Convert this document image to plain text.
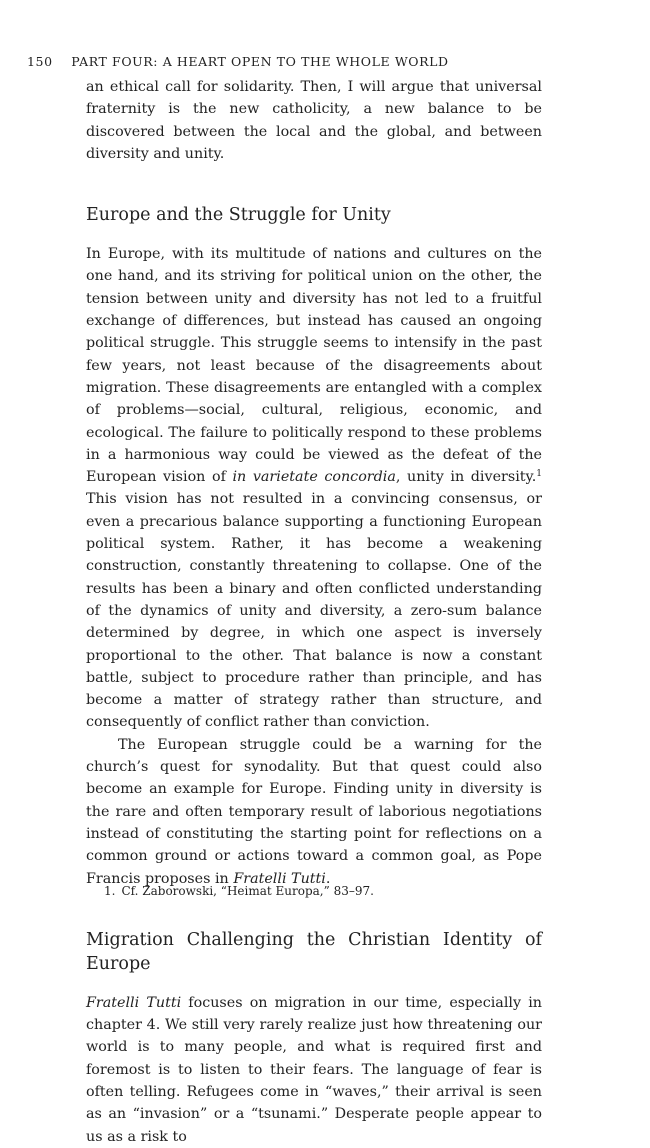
150 PART FOUR: A HEART OPEN TO THE WHOLE WORLD

an ethical call for solidarity. Then, I will argue that universal fraternity is the new catholicity, a new balance to be discovered between the local and the global, and between diversity and unity.

Europe and the Struggle for Unity

In Europe, with its multitude of nations and cultures on the one hand, and its striving for political union on the other, the tension between unity and diversity has not led to a fruitful exchange of differences, but instead has caused an ongoing political struggle. This struggle seems to intensify in the past few years, not least because of the disagreements about migration. These disagreements are entangled with a complex of problems—social, cultural, religious, economic, and ecological. The failure to politically respond to these problems in a harmonious way could be viewed as the defeat of the European vision of in varietate concordia, unity in diversity.$^1$ This vision has not resulted in a convincing consensus, or even a precarious balance supporting a functioning European political system. Rather, it has become a weakening construction, constantly threatening to collapse. One of the results has been a binary and often conflicted understanding of the dynamics of unity and diversity, a zero-sum balance determined by degree, in which one aspect is inversely proportional to the other. That balance is now a constant battle, subject to procedure rather than principle, and has become a matter of strategy rather than structure, and consequently of conflict rather than conviction.

The European struggle could be a warning for the church’s quest for synodality. But that quest could also become an example for Europe. Finding unity in diversity is the rare and often temporary result of laborious negotiations instead of constituting the starting point for reflections on a common ground or actions toward a common goal, as Pope Francis proposes in Fratelli Tutti.

Migration Challenging the Christian Identity of Europe

Fratelli Tutti focuses on migration in our time, especially in chapter 4. We still very rarely realize just how threatening our world is to many people, and what is required first and foremost is to listen to their fears. The language of fear is often telling. Refugees come in “waves,” their arrival is seen as an “invasion” or a “tsunami.” Desperate people appear to us as a risk to

1. Cf. Zaborowski, “Heimat Europa,” 83–97.
